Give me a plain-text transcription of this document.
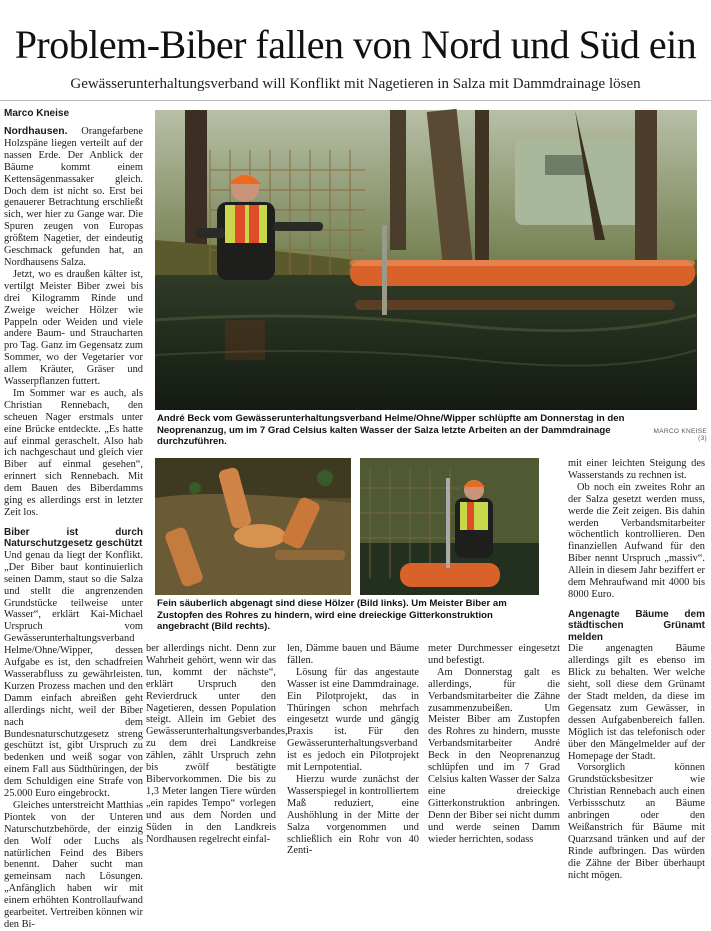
Problem-Biber fallen von Nord und Süd ein
Gewässerunterhaltungsverband will Konflikt mit Nagetieren in Salza mit Dammdrainage lösen
Marco Kneise

Nordhausen. Orangefarbene Holzspäne liegen verteilt auf der nassen Erde. Der Anblick der Bäume kommt einem Kettensägenmassaker gleich. Doch dem ist nicht so. Erst bei genauerer Betrachtung erschließt sich, wer hier zu Gange war. Die Spuren zeugen von Europas größtem Nagetier, der eindeutig Geschmack gefunden hat, an Nordhausens Salza.

Jetzt, wo es draußen kälter ist, vertilgt Meister Biber zwei bis drei Kilogramm Rinde und Zweige weicher Hölzer wie Pappeln oder Weiden und viele andere Baum- und Straucharten pro Tag. Ganz im Gegensatz zum Sommer, wo der Vegetarier vor allem Kräuter, Gräser und Wasserpflanzen futtert.

Im Sommer war es auch, als Christian Rennebach, den scheuen Nager erstmals unter eine Brücke entdeckte. „Es hatte auf einmal geraschelt. Also hab ich nachgeschaut und gleich vier Biber auf einmal gesehen“, erinnert sich Rennebach. Mit dem Bauen des Biberdamms ging es allerdings erst in letzter Zeit los.

Biber ist durch Naturschutzgesetz geschützt

Und genau da liegt der Konflikt. „Der Biber baut kontinuierlich seinen Damm, staut so die Salza und stellt die angrenzenden Grundstücke teilweise unter Wasser“, erklärt Kai-Michael Urspruch vom Gewässerunterhaltungsverband Helme/Ohne/Wipper, dessen Aufgabe es ist, den schadfreien Wasserabfluss zu gewährleisten. Kurzen Prozess machen und den Damm einfach abreißen geht allerdings nicht, weil der Biber nach dem Bundesnaturschutzgesetz streng geschützt ist, gibt Urspruch zu bedenken und weiß sogar von einem Fall aus Südthüringen, der dem Schuldigen eine Strafe von 25.000 Euro eingebrockt.

Gleiches unterstreicht Matthias Piontek von der Unteren Naturschutzbehörde, der einzig den Wolf oder Luchs als natürlichen Feind des Bibers benennt. Daher sucht man gemeinsam nach Lösungen. „Anfänglich haben wir mit einem erhöhten Kontrollaufwand gearbeitet. Vertreiben können wir den Bi-

André Beck vom Gewässerunterhaltungsverband Helme/Ohne/Wipper schlüpfte am Donnerstag in den Neoprenanzug, um im 7 Grad Celsius kalten Wasser der Salza letzte Arbeiten an der Dammdrainage durchzuführen.
MARCO KNEISE (3)
Fein säuberlich abgenagt sind diese Hölzer (Bild links). Um Meister Biber am Zustopfen des Rohres zu hindern, wird eine dreieckige Gitterkonstruktion angebracht (Bild rechts).

ber allerdings nicht. Denn zur Wahrheit gehört, wenn wir das tun, kommt der nächste“, erklärt Urspruch den Revierdruck unter den Nagetieren, dessen Population steigt. Allein im Gebiet des Gewässerunterhaltungsverbandes, zu dem drei Landkreise zählen, zählt Urspruch zehn bis zwölf bestätigte Bibervorkommen. Die bis zu 1,3 Meter langen Tiere würden „ein rapides Tempo“ vorlegen und aus dem Norden und Süden in den Landkreis Nordhausen regelrecht einfal-

len, Dämme bauen und Bäume fällen.

Lösung für das angestaute Wasser ist eine Dammdrainage. Ein Pilotprojekt, das in Thüringen schon mehrfach eingesetzt wurde und gängig Praxis ist. Für den Gewässerunterhaltungsverband ist es jedoch ein Pilotprojekt mit Lernpotential.

Hierzu wurde zunächst der Wasserspiegel in kontrolliertem Maß reduziert, eine Aushöhlung in der Mitte der Salza vorgenommen und schließlich ein Rohr von 40 Zenti-

meter Durchmesser eingesetzt und befestigt.

Am Donnerstag galt es allerdings, für die Verbandsmitarbeiter die Zähne zusammenzubeißen. Um Meister Biber am Zustopfen des Rohres zu hindern, musste Verbandsmitarbeiter André Beck in den Neoprenanzug schlüpfen und im 7 Grad Celsius kalten Wasser der Salza eine dreieckige Gitterkonstruktion anbringen. Denn der Biber sei nicht dumm und werde seinen Damm wieder herrichten, sodass

mit einer leichten Steigung des Wasserstands zu rechnen ist.

Ob noch ein zweites Rohr an der Salza gesetzt werden muss, werde die Zeit zeigen. Bis dahin werden Verbandsmitarbeiter wöchentlich kontrollieren. Den finanziellen Aufwand für den Biber nennt Urspruch „massiv“. Allein in diesem Jahr beziffert er dem Mehraufwand mit 4000 bis 8000 Euro.

Angenagte Bäume dem städtischen Grünamt melden

Die angenagten Bäume allerdings gilt es ebenso im Blick zu behalten. Wer welche sieht, soll diese dem Grünamt der Stadt melden, da diese im Gegensatz zum Gewässer, in dessen Aufgabenbereich fallen. Möglich ist das telefonisch oder über den Mängelmelder auf der Homepage der Stadt.

Vorsorglich können Grundstücksbesitzer wie Christian Rennebach auch einen Verbissschutz an Bäume anbringen oder den Weißanstrich für Bäume mit Quarzsand tränken und auf der Rinde aufbringen. Das würden die Zähne der Biber überhaupt nicht mögen.
